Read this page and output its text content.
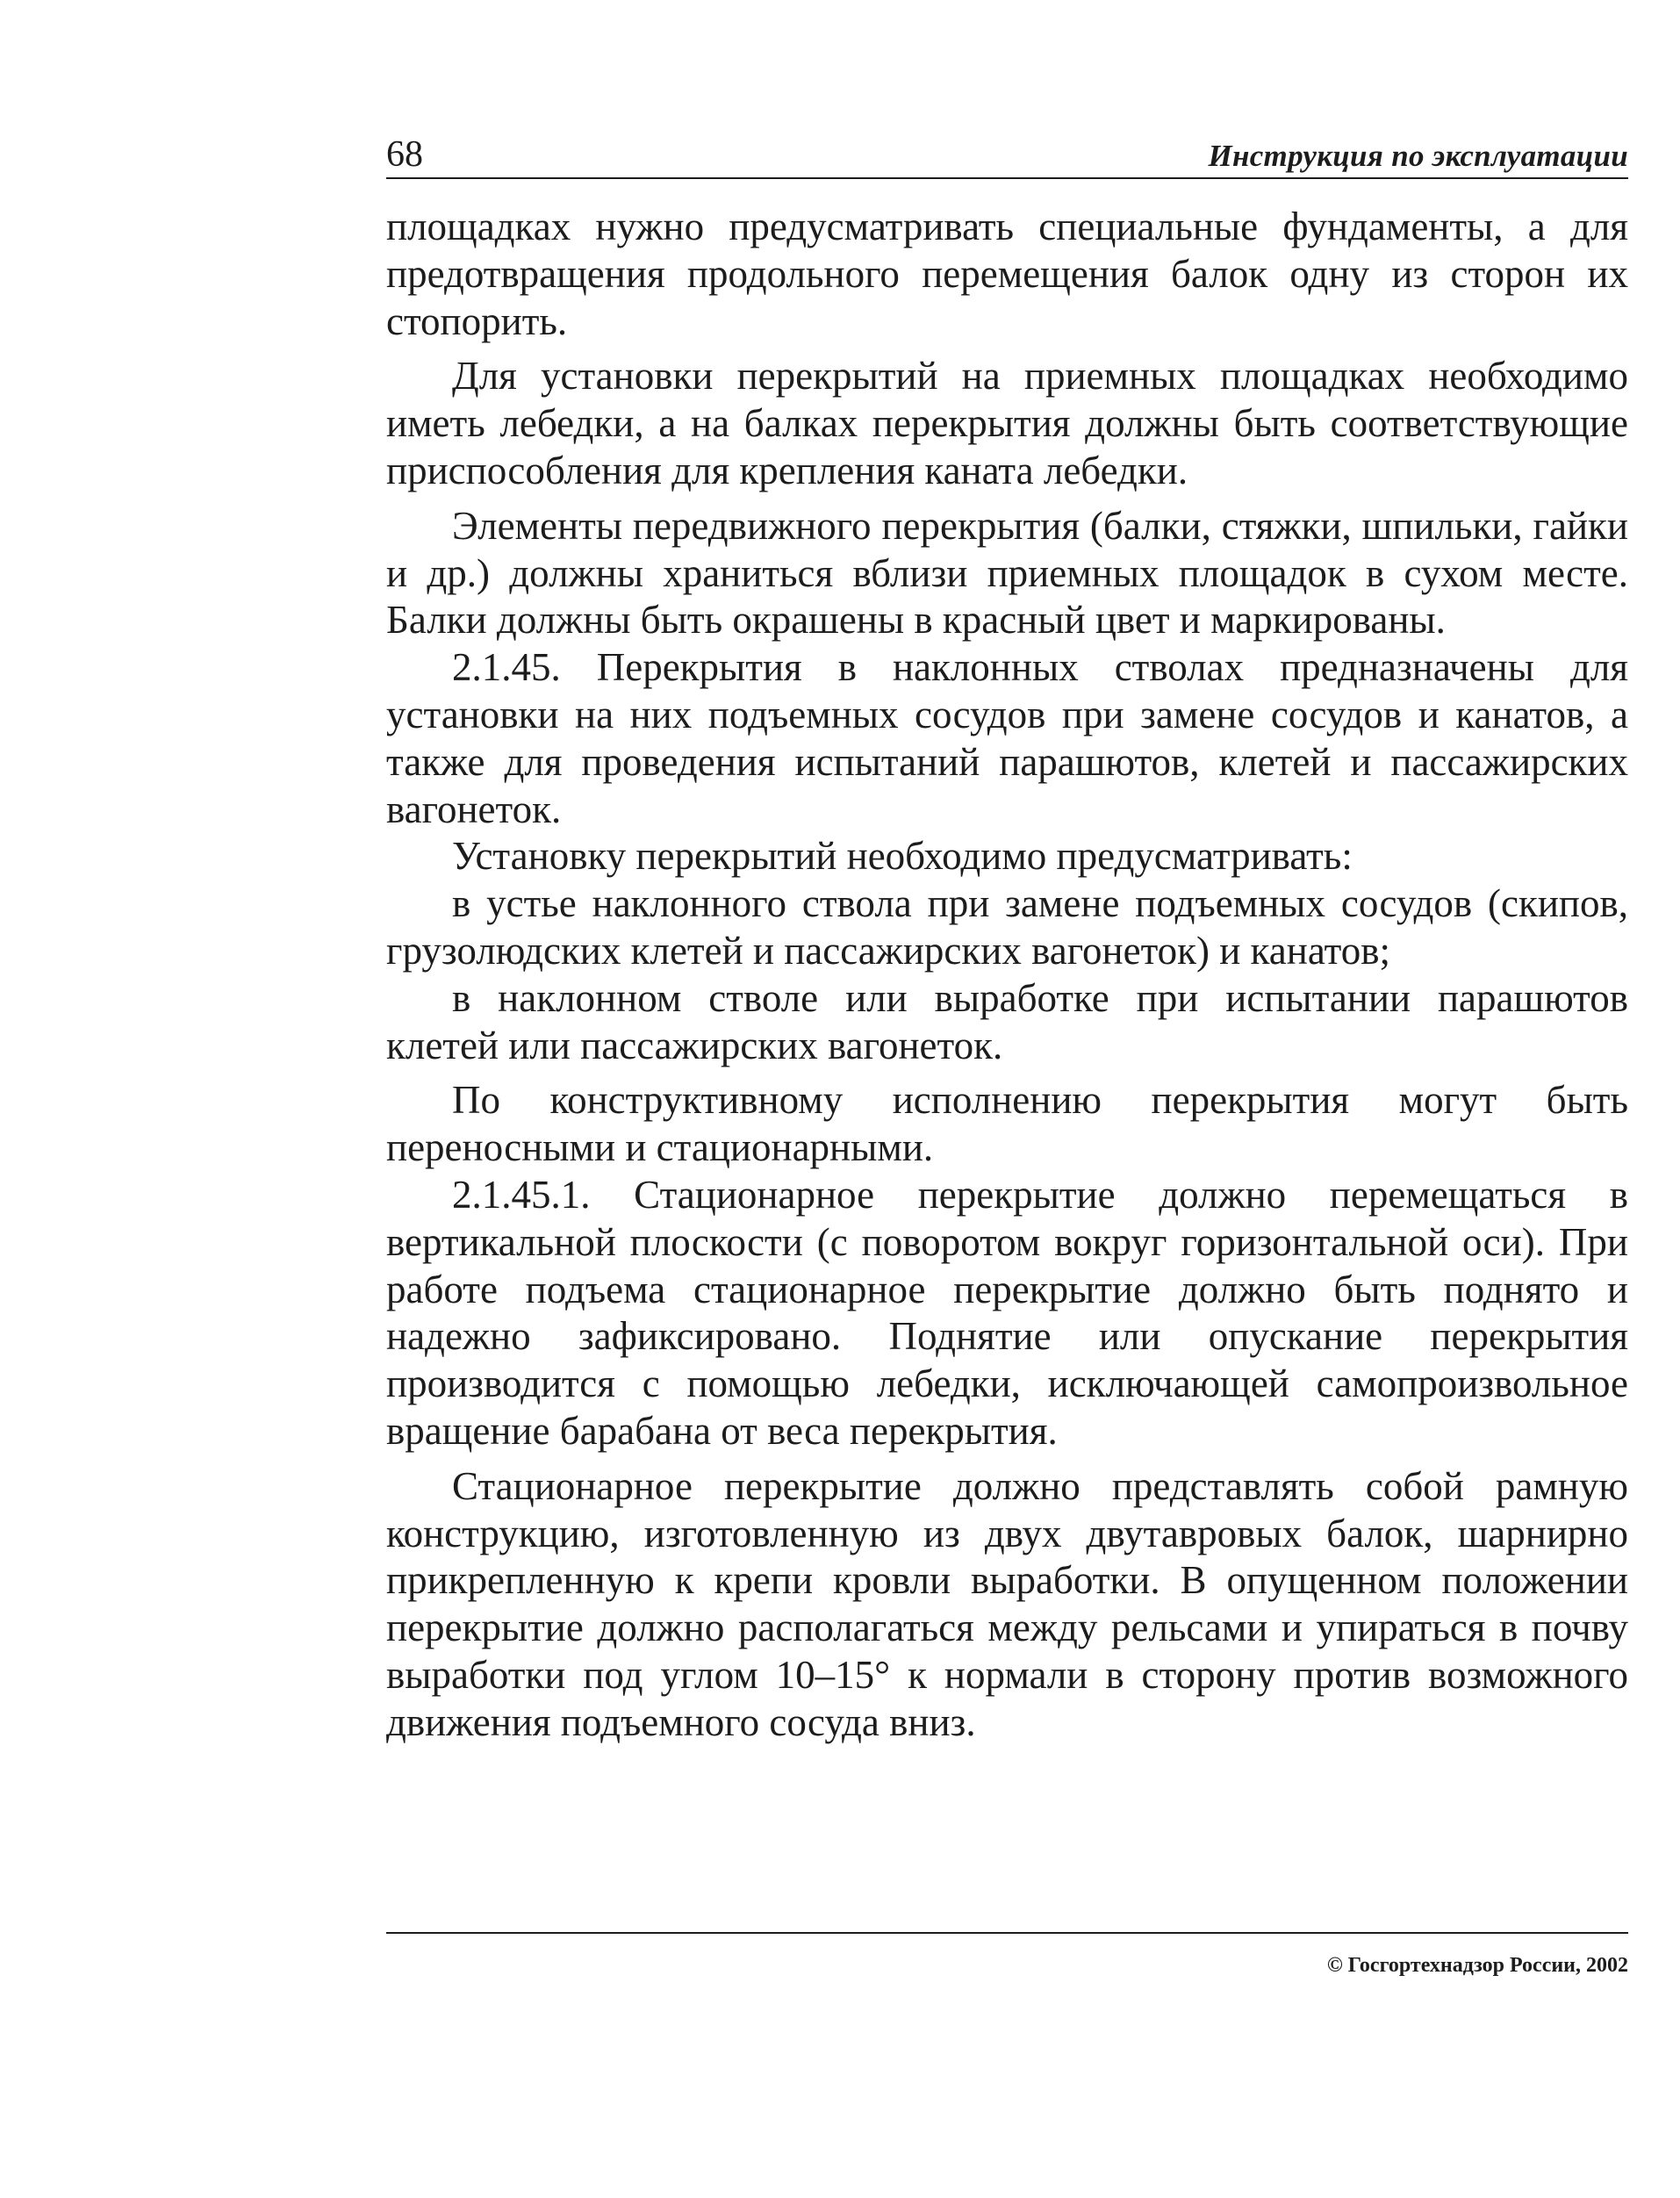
68	Инструкция по эксплуатации

площадках нужно предусматривать специальные фундаменты, а для предотвращения продольного перемещения балок одну из сторон их стопорить.

Для установки перекрытий на приемных площадках необходимо иметь лебедки, а на балках перекрытия должны быть соответствующие приспособления для крепления каната лебедки.

Элементы передвижного перекрытия (балки, стяжки, шпильки, гайки и др.) должны храниться вблизи приемных площадок в сухом месте. Балки должны быть окрашены в красный цвет и маркированы.

2.1.45. Перекрытия в наклонных стволах предназначены для установки на них подъемных сосудов при замене сосудов и канатов, а также для проведения испытаний парашютов, клетей и пассажирских вагонеток.

Установку перекрытий необходимо предусматривать:

в устье наклонного ствола при замене подъемных сосудов (скипов, грузолюдских клетей и пассажирских вагонеток) и канатов;

в наклонном стволе или выработке при испытании парашютов клетей или пассажирских вагонеток.

По конструктивному исполнению перекрытия могут быть переносными и стационарными.

2.1.45.1. Стационарное перекрытие должно перемещаться в вертикальной плоскости (с поворотом вокруг горизонтальной оси). При работе подъема стационарное перекрытие должно быть поднято и надежно зафиксировано. Поднятие или опускание перекрытия производится с помощью лебедки, исключающей самопроизвольное вращение барабана от веса перекрытия.

Стационарное перекрытие должно представлять собой рамную конструкцию, изготовленную из двух двутавровых балок, шарнирно прикрепленную к крепи кровли выработки. В опущенном положении перекрытие должно располагаться между рельсами и упираться в почву выработки под углом 10–15° к нормали в сторону против возможного движения подъемного сосуда вниз.

© Госгортехнадзор России, 2002
